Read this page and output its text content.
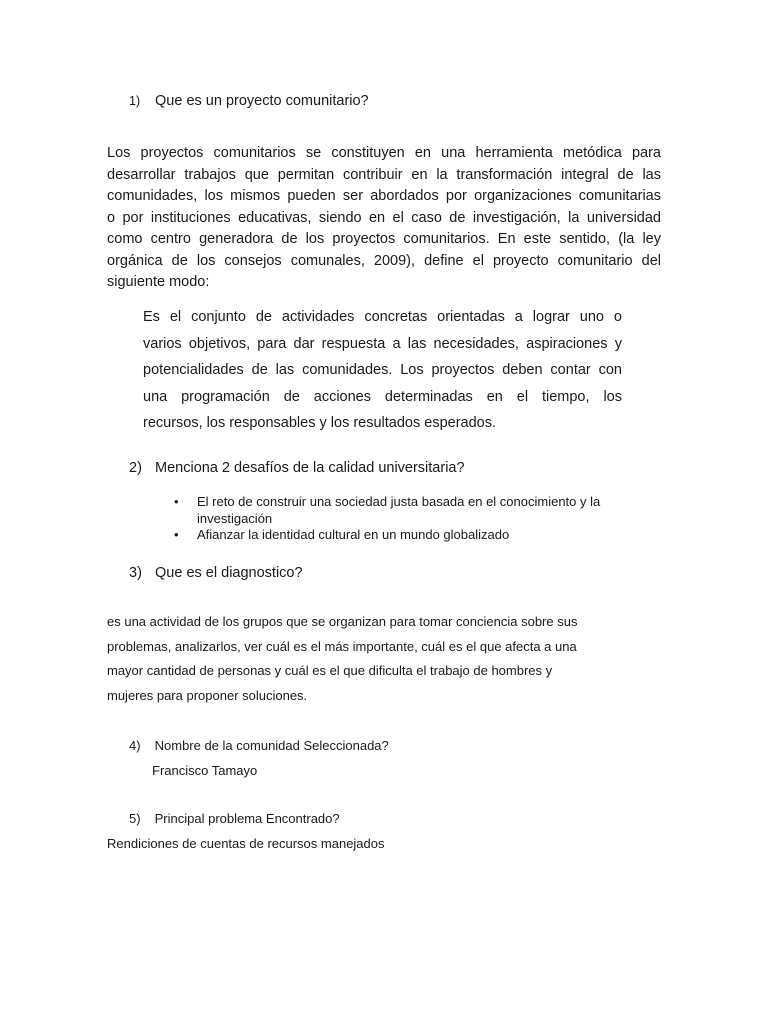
1) Que es un proyecto comunitario?
Los proyectos comunitarios se constituyen en una herramienta metódica para
desarrollar trabajos que permitan contribuir en la transformación integral de las
comunidades, los mismos pueden ser abordados por organizaciones comunitarias
o por instituciones educativas, siendo en el caso de investigación, la universidad
como centro generadora de los proyectos comunitarios. En este sentido, (la ley
orgánica de los consejos comunales, 2009), define el proyecto comunitario del
siguiente modo:
Es el conjunto de actividades concretas orientadas a lograr uno o
varios objetivos, para dar respuesta a las necesidades, aspiraciones y
potencialidades de las comunidades. Los proyectos deben contar con
una programación de acciones determinadas en el tiempo, los
recursos, los responsables y los resultados esperados.
2) Menciona 2 desafíos de la calidad universitaria?
• El reto de construir una sociedad justa basada en el conocimiento y la investigación
• Afianzar la identidad cultural en un mundo globalizado
3) Que es el diagnostico?
es una actividad de los grupos que se organizan para tomar conciencia sobre sus
problemas, analizarlos, ver cuál es el más importante, cuál es el que afecta a una
mayor cantidad de personas y cuál es el que dificulta el trabajo de hombres y
mujeres para proponer soluciones.
4) Nombre de la comunidad Seleccionada?
Francisco Tamayo
5) Principal problema Encontrado?
Rendiciones de cuentas de recursos manejados
